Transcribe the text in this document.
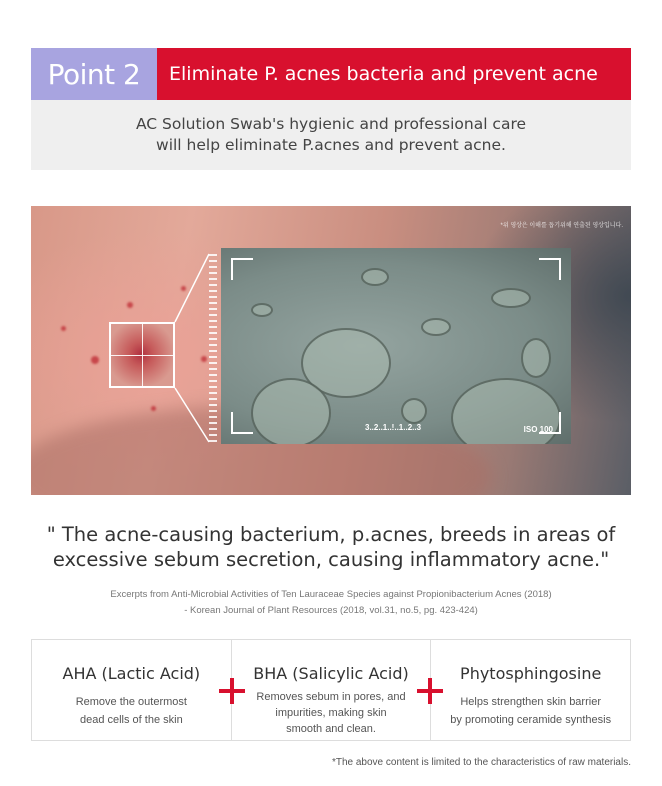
Point 2	Eliminate P. acnes bacteria and prevent acne
AC Solution Swab's hygienic and professional care
will help eliminate P.acnes and prevent acne.
*위 영상은 이해를 돕기위해 연출된 영상입니다.
3..2..1..!..1..2..3	ISO 100
" The acne-causing bacterium, p.acnes, breeds in areas of
excessive sebum secretion, causing inflammatory acne."
Excerpts from Anti-Microbial Activities of Ten Lauraceae Species against Propionibacterium Acnes (2018)
- Korean Journal of Plant Resources (2018, vol.31, no.5, pg. 423-424)
AHA (Lactic Acid)
Remove the outermost
dead cells of the skin
BHA (Salicylic Acid)
Removes sebum in pores, and
impurities, making skin
smooth and clean.
Phytosphingosine
Helps strengthen skin barrier
by promoting ceramide synthesis
*The above content is limited to the characteristics of raw materials.
